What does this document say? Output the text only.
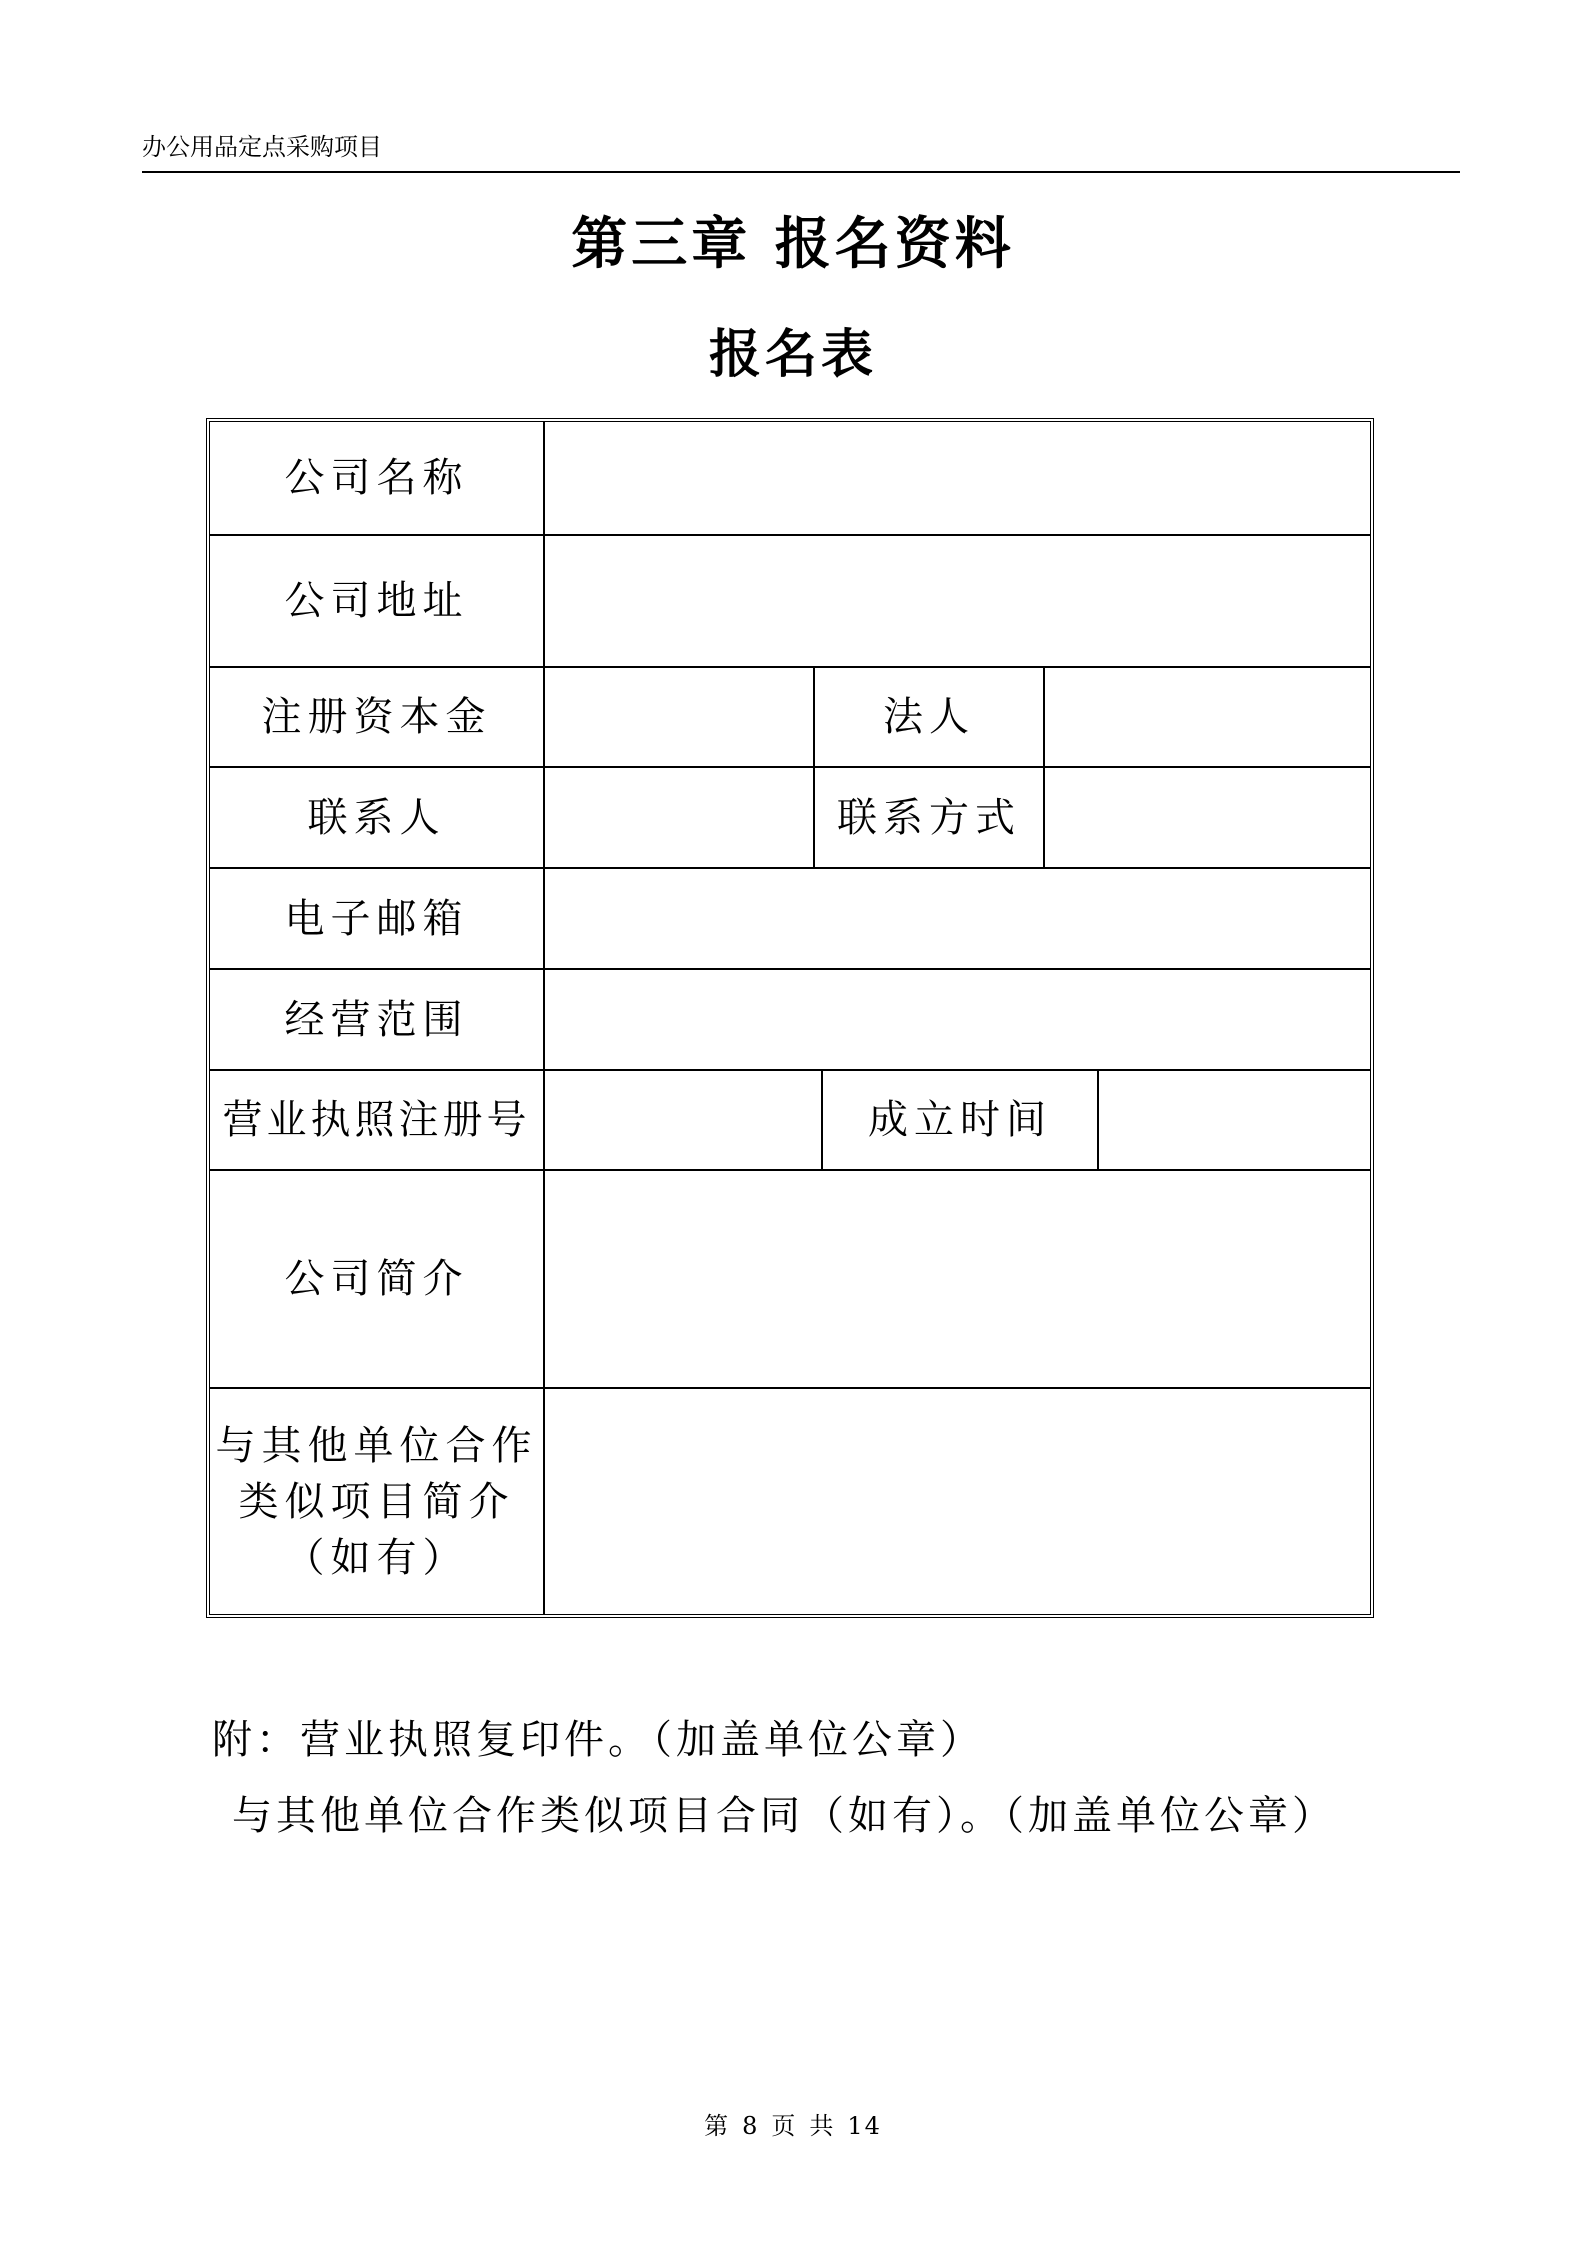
办公用品定点采购项目
第三章 报名资料
报名表
公司名称
公司地址
注册资本金	法人
联系人	联系方式
电子邮箱
经营范围
营业执照注册号	成立时间
公司简介
与其他单位合作
类似项目简介
（如有）
附：营业执照复印件。（加盖单位公章）
与其他单位合作类似项目合同（如有）。（加盖单位公章）
第 8 页 共 14
